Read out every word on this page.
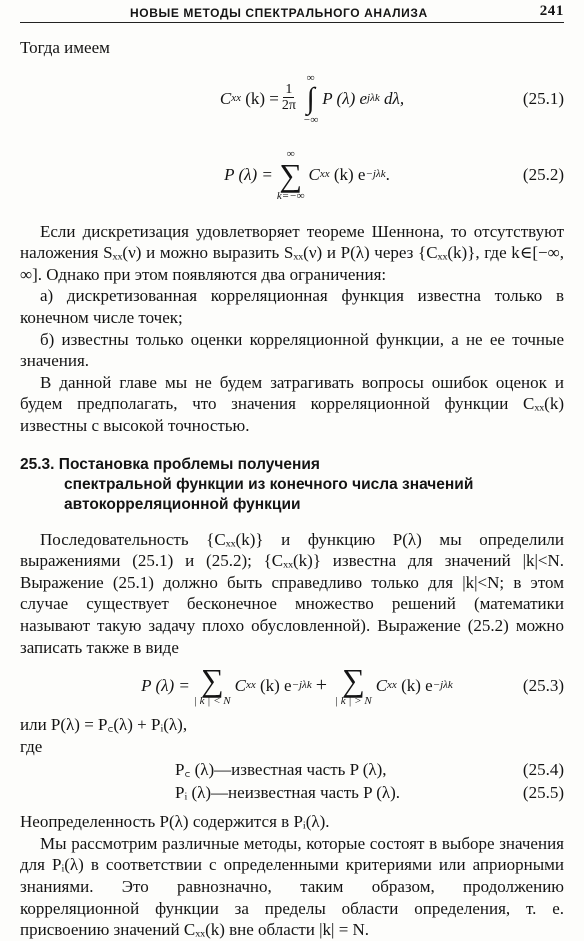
НОВЫЕ МЕТОДЫ СПЕКТРАЛЬНОГО АНАЛИЗА	241

Тогда имеем

C xx
$(k) = \frac{1}{2\pi}$
∞
∫
−∞
P (λ) e jλk
dλ,	(25.1)
P (λ) =
∞
∑
k=−∞
C xx
(k) e −jλk .	(25.2)

Если дискретизация удовлетворяет теореме Шеннона, то отсутствуют наложения Sₓₓ(ν) и можно выразить Sₓₓ(ν) и P(λ) через {Cₓₓ(k)}, где k∈[−∞, ∞]. Однако при этом появляются два ограничения:

а) дискретизованная корреляционная функция известна только в конечном числе точек;

б) известны только оценки корреляционной функции, а не ее точные значения.

В данной главе мы не будем затрагивать вопросы ошибок оценок и будем предполагать, что значения корреляционной функции Cₓₓ(k) известны с высокой точностью.

25.3. Постановка проблемы получения
спектральной функции из конечного числа значений
автокорреляционной функции

Последовательность {Cₓₓ(k)} и функцию P(λ) мы определили выражениями (25.1) и (25.2); {Cₓₓ(k)} известна для значений |k|<N. Выражение (25.1) должно быть справедливо только для |k|<N; в этом случае существует бесконечное множество решений (математики называют такую задачу плохо обусловленной). Выражение (25.2) можно записать также в виде

P (λ) = ∑
| k | < N
C xx
(k) e −jλk + ∑
| k | > N
C xx
(k) e −jλk	(25.3)

или P(λ) = P꜀(λ) + Pᵢ(λ),

где

P꜀ (λ)—известная часть P (λ),	(25.4)
Pᵢ (λ)—неизвестная часть P (λ).	(25.5)

Неопределенность P(λ) содержится в Pᵢ(λ).

Мы рассмотрим различные методы, которые состоят в выборе значения для Pᵢ(λ) в соответствии с определенными критериями или априорными знаниями. Это равнозначно, таким образом, продолжению корреляционной функции за пределы области определения, т. е. присвоению значений Cₓₓ(k) вне области |k| = N.
